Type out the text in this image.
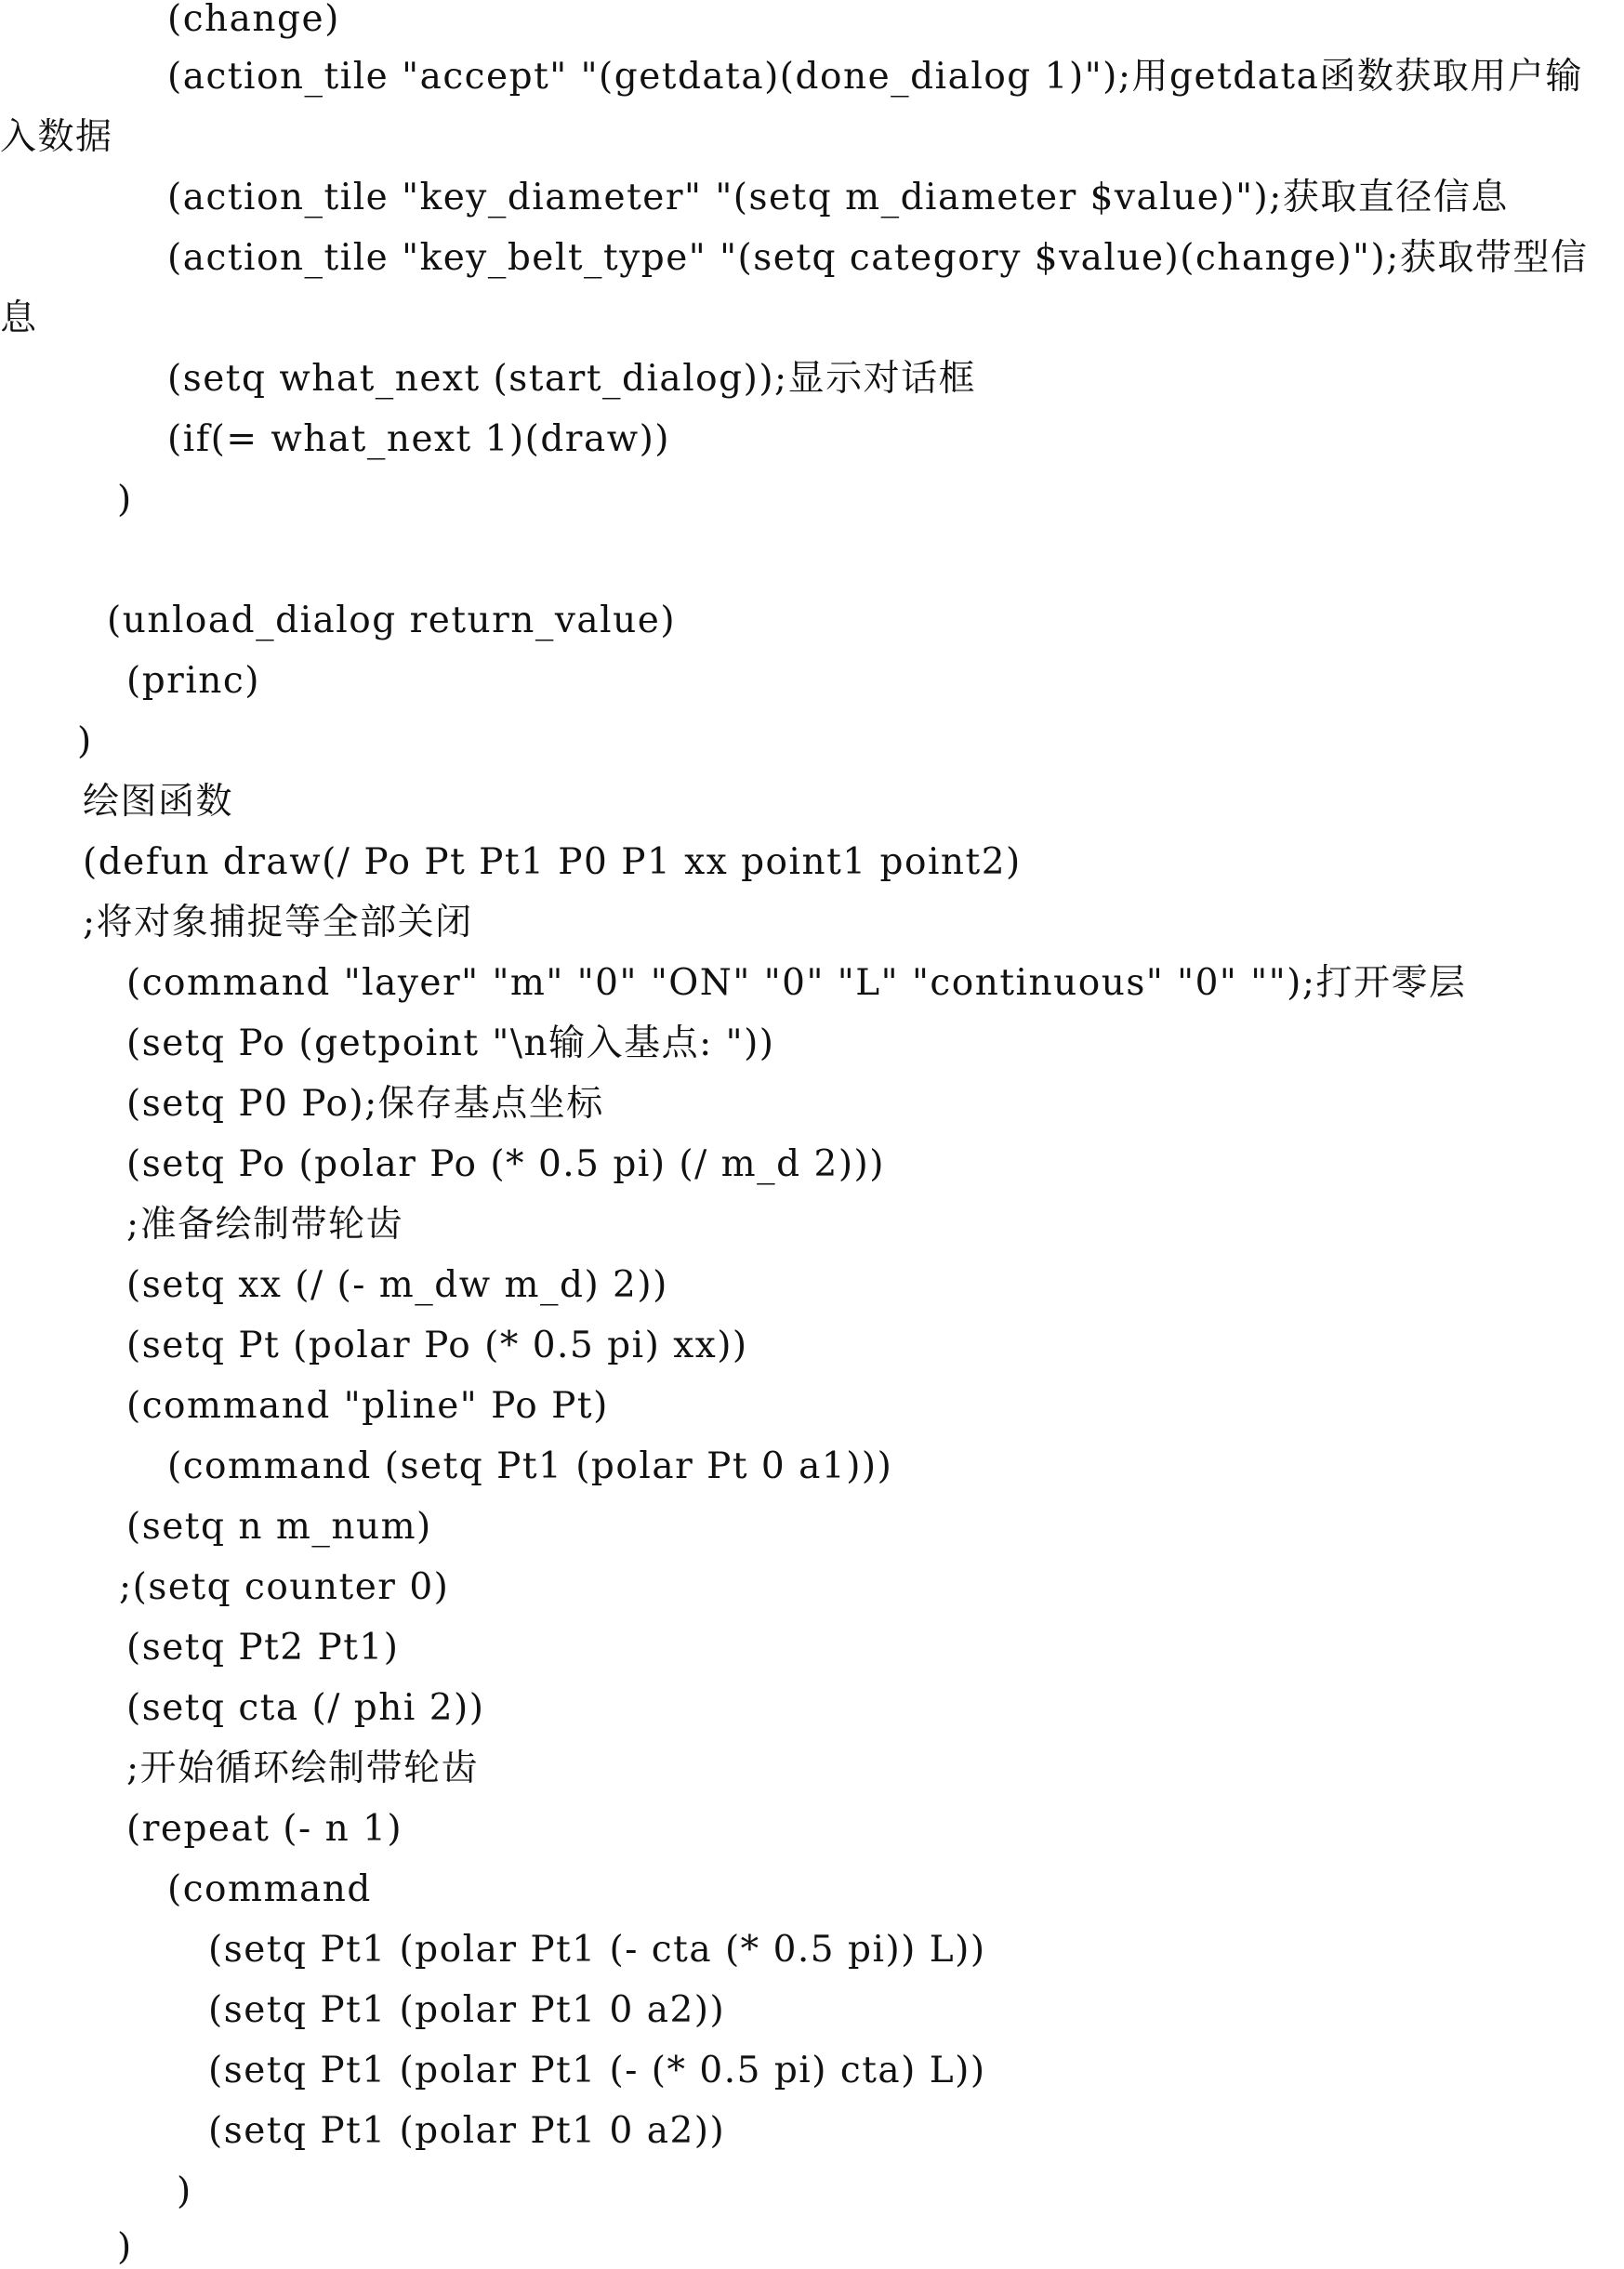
(change)
(action_tile "accept" "(getdata)(done_dialog 1)");用getdata函数获取用户输
入数据
(action_tile "key_diameter" "(setq m_diameter $value)");获取直径信息
(action_tile "key_belt_type" "(setq category $value)(change)");获取带型信
息
(setq what_next (start_dialog));显示对话框
(if(= what_next 1)(draw))
)
(unload_dialog return_value)
(princ)
)
绘图函数
(defun draw(/ Po Pt Pt1 P0 P1 xx point1 point2)
;将对象捕捉等全部关闭
(command "layer" "m" "0" "ON" "0" "L" "continuous" "0" "");打开零层
(setq Po (getpoint "\n输入基点: "))
(setq P0 Po);保存基点坐标
(setq Po (polar Po (* 0.5 pi) (/ m_d 2)))
;准备绘制带轮齿
(setq xx (/ (- m_dw m_d) 2))
(setq Pt (polar Po (* 0.5 pi) xx))
(command "pline" Po Pt)
(command (setq Pt1 (polar Pt 0 a1)))
(setq n m_num)
;(setq counter 0)
(setq Pt2 Pt1)
(setq cta (/ phi 2))
;开始循环绘制带轮齿
(repeat (- n 1)
(command
(setq Pt1 (polar Pt1 (- cta (* 0.5 pi)) L))
(setq Pt1 (polar Pt1 0 a2))
(setq Pt1 (polar Pt1 (- (* 0.5 pi) cta) L))
(setq Pt1 (polar Pt1 0 a2))
)
)
